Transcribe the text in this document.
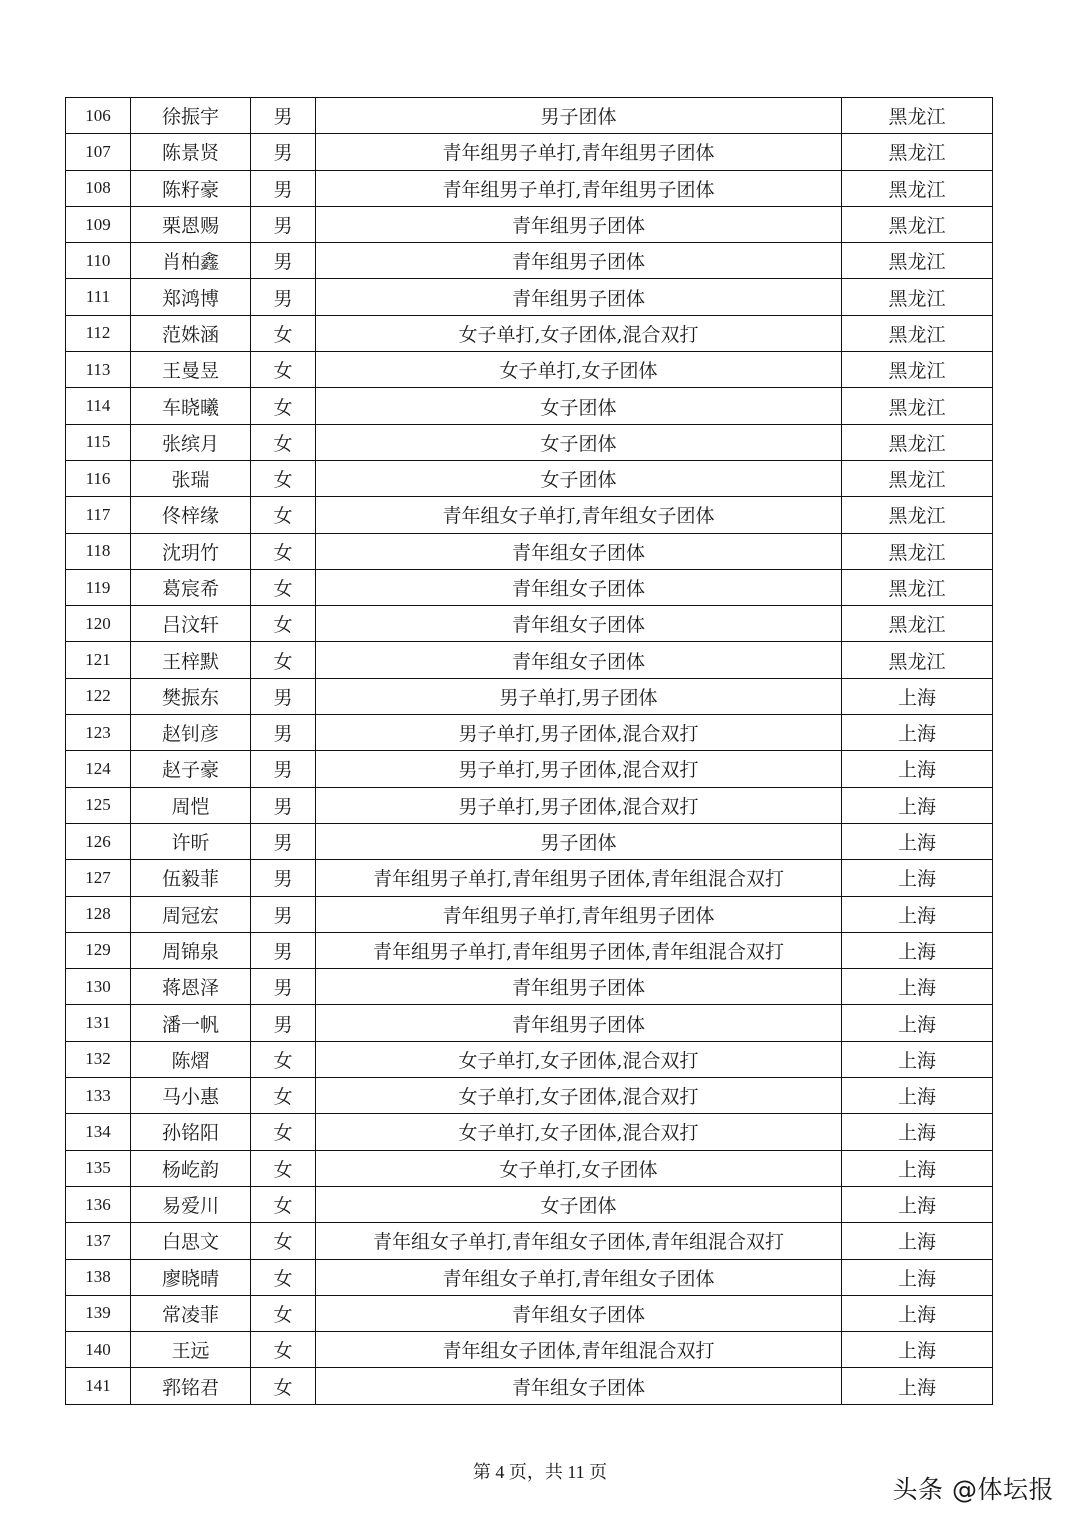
106	徐振宇	男	男子团体	黑龙江
107	陈景贤	男	青年组男子单打,青年组男子团体	黑龙江
108	陈籽豪	男	青年组男子单打,青年组男子团体	黑龙江
109	栗恩赐	男	青年组男子团体	黑龙江
110	肖柏鑫	男	青年组男子团体	黑龙江
111	郑鸿博	男	青年组男子团体	黑龙江
112	范姝涵	女	女子单打,女子团体,混合双打	黑龙江
113	王曼昱	女	女子单打,女子团体	黑龙江
114	车晓曦	女	女子团体	黑龙江
115	张缤月	女	女子团体	黑龙江
116	张瑞	女	女子团体	黑龙江
117	佟梓缘	女	青年组女子单打,青年组女子团体	黑龙江
118	沈玥竹	女	青年组女子团体	黑龙江
119	葛宸希	女	青年组女子团体	黑龙江
120	吕汶轩	女	青年组女子团体	黑龙江
121	王梓默	女	青年组女子团体	黑龙江
122	樊振东	男	男子单打,男子团体	上海
123	赵钊彦	男	男子单打,男子团体,混合双打	上海
124	赵子豪	男	男子单打,男子团体,混合双打	上海
125	周恺	男	男子单打,男子团体,混合双打	上海
126	许昕	男	男子团体	上海
127	伍毅菲	男	青年组男子单打,青年组男子团体,青年组混合双打	上海
128	周冠宏	男	青年组男子单打,青年组男子团体	上海
129	周锦泉	男	青年组男子单打,青年组男子团体,青年组混合双打	上海
130	蒋恩泽	男	青年组男子团体	上海
131	潘一帆	男	青年组男子团体	上海
132	陈熠	女	女子单打,女子团体,混合双打	上海
133	马小惠	女	女子单打,女子团体,混合双打	上海
134	孙铭阳	女	女子单打,女子团体,混合双打	上海
135	杨屹韵	女	女子单打,女子团体	上海
136	易爱川	女	女子团体	上海
137	白思文	女	青年组女子单打,青年组女子团体,青年组混合双打	上海
138	廖晓晴	女	青年组女子单打,青年组女子团体	上海
139	常凌菲	女	青年组女子团体	上海
140	王远	女	青年组女子团体,青年组混合双打	上海
141	郛铭君	女	青年组女子团体	上海
第 4 页，共 11 页
头条 @体坛报
